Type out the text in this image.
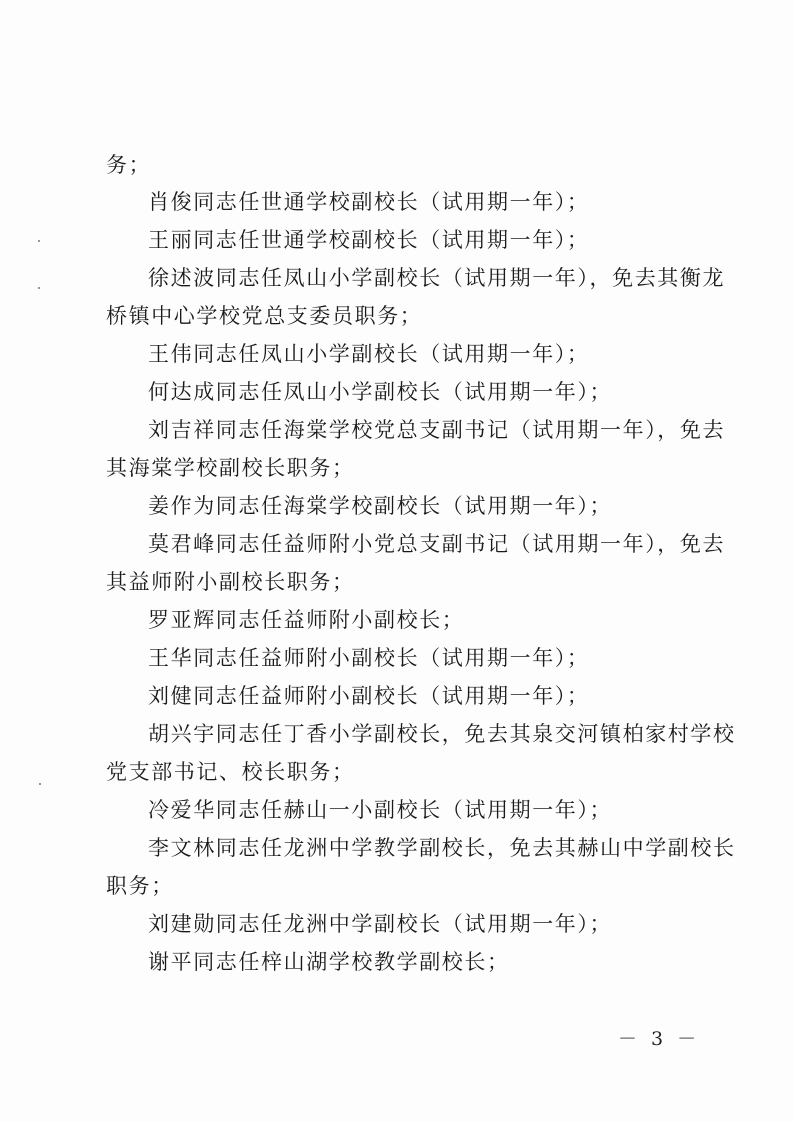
务；
肖俊同志任世通学校副校长（试用期一年）；
王丽同志任世通学校副校长（试用期一年）；
徐述波同志任凤山小学副校长（试用期一年），免去其衡龙
桥镇中心学校党总支委员职务；
王伟同志任凤山小学副校长（试用期一年）；
何达成同志任凤山小学副校长（试用期一年）；
刘吉祥同志任海棠学校党总支副书记（试用期一年），免去
其海棠学校副校长职务；
姜作为同志任海棠学校副校长（试用期一年）；
莫君峰同志任益师附小党总支副书记（试用期一年），免去
其益师附小副校长职务；
罗亚辉同志任益师附小副校长；
王华同志任益师附小副校长（试用期一年）；
刘健同志任益师附小副校长（试用期一年）；
胡兴宇同志任丁香小学副校长，免去其泉交河镇柏家村学校
党支部书记、校长职务；
冷爱华同志任赫山一小副校长（试用期一年）；
李文林同志任龙洲中学教学副校长，免去其赫山中学副校长
职务；
刘建勋同志任龙洲中学副校长（试用期一年）；
谢平同志任梓山湖学校教学副校长；
－ 3 －
